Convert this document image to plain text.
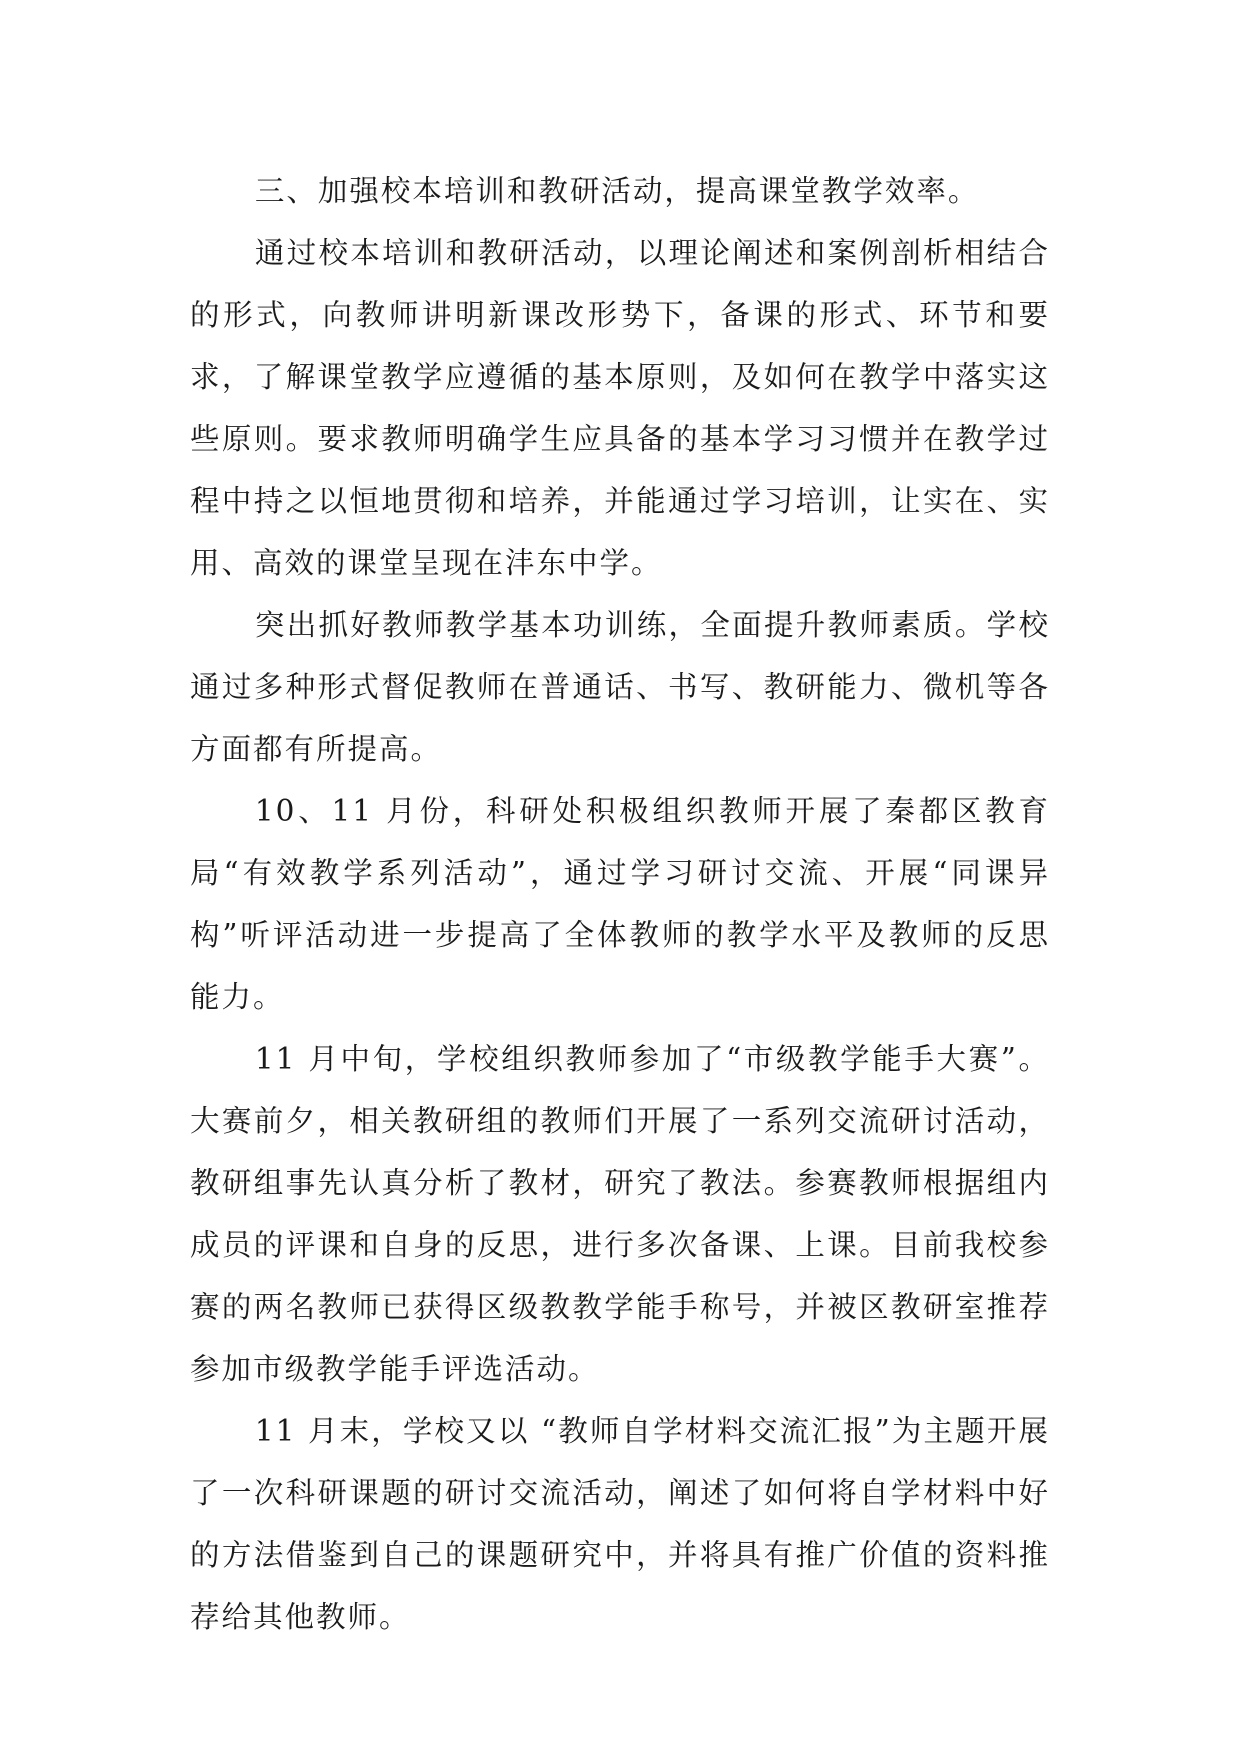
三、加强校本培训和教研活动，提高课堂教学效率。

通过校本培训和教研活动，以理论阐述和案例剖析相结合的形式，向教师讲明新课改形势下，备课的形式、环节和要求，了解课堂教学应遵循的基本原则，及如何在教学中落实这些原则。要求教师明确学生应具备的基本学习习惯并在教学过程中持之以恒地贯彻和培养，并能通过学习培训，让实在、实用、高效的课堂呈现在沣东中学。

突出抓好教师教学基本功训练，全面提升教师素质。学校通过多种形式督促教师在普通话、书写、教研能力、微机等各方面都有所提高。

10、11 月份，科研处积极组织教师开展了秦都区教育局“有效教学系列活动”，通过学习研讨交流、开展“同课异构”听评活动进一步提高了全体教师的教学水平及教师的反思能力。

11 月中旬，学校组织教师参加了“市级教学能手大赛”。大赛前夕，相关教研组的教师们开展了一系列交流研讨活动，教研组事先认真分析了教材，研究了教法。参赛教师根据组内成员的评课和自身的反思，进行多次备课、上课。目前我校参赛的两名教师已获得区级教教学能手称号，并被区教研室推荐参加市级教学能手评选活动。

11 月末，学校又以 “教师自学材料交流汇报”为主题开展了一次科研课题的研讨交流活动，阐述了如何将自学材料中好的方法借鉴到自己的课题研究中，并将具有推广价值的资料推荐给其他教师。
